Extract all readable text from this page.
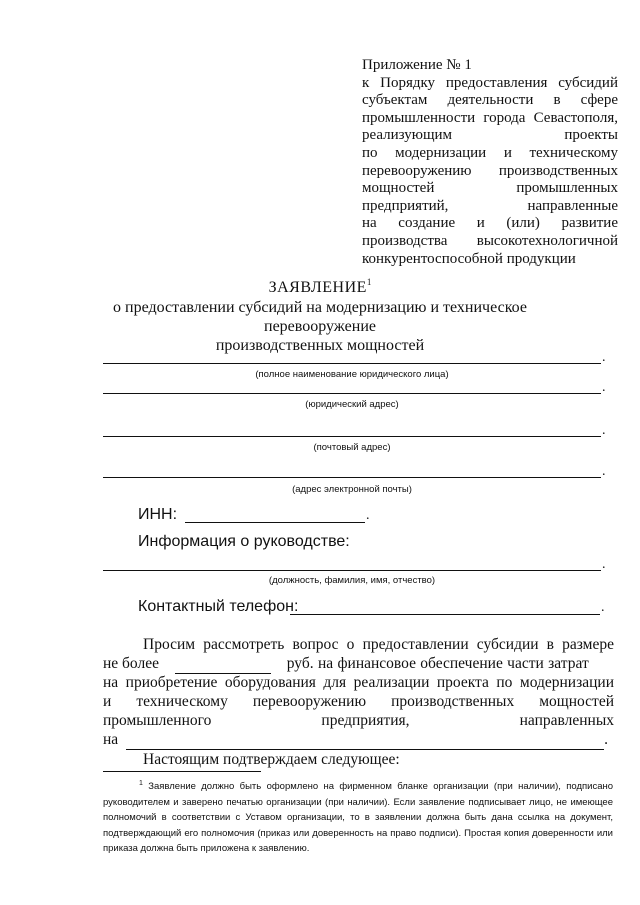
Приложение № 1
к Порядку предоставления субсидий
субъектам деятельности в сфере
промышленности города Севастополя,
реализующим проекты
по модернизации и техническому
перевооружению производственных
мощностей промышленных
предприятий, направленные
на создание и (или) развитие
производства высокотехнологичной
конкурентоспособной продукции
ЗАЯВЛЕНИЕ$^1$
о предоставлении субсидий на модернизацию и техническое перевооружение
производственных мощностей
.
(полное наименование юридического лица)
.
(юридический адрес)
.
(почтовый адрес)
.
(адрес электронной почты)
ИНН:	.
Информация о руководстве:
.
(должность, фамилия, имя, отчество)
Контактный телефон:	.
Просим рассмотреть вопрос о предоставлении субсидии в размере
не более	руб. на финансовое обеспечение части затрат
на приобретение оборудования для реализации проекта по модернизации
и техническому перевооружению производственных мощностей
промышленного предприятия, направленных
на	.
Настоящим подтверждаем следующее:
$^1$ Заявление должно быть оформлено на фирменном бланке организации (при наличии), подписано руководителем и заверено печатью организации (при наличии). Если заявление подписывает лицо, не имеющее полномочий в соответствии с Уставом организации, то в заявлении должна быть дана ссылка на документ, подтверждающий его полномочия (приказ или доверенность на право подписи). Простая копия доверенности или приказа должна быть приложена к заявлению.
